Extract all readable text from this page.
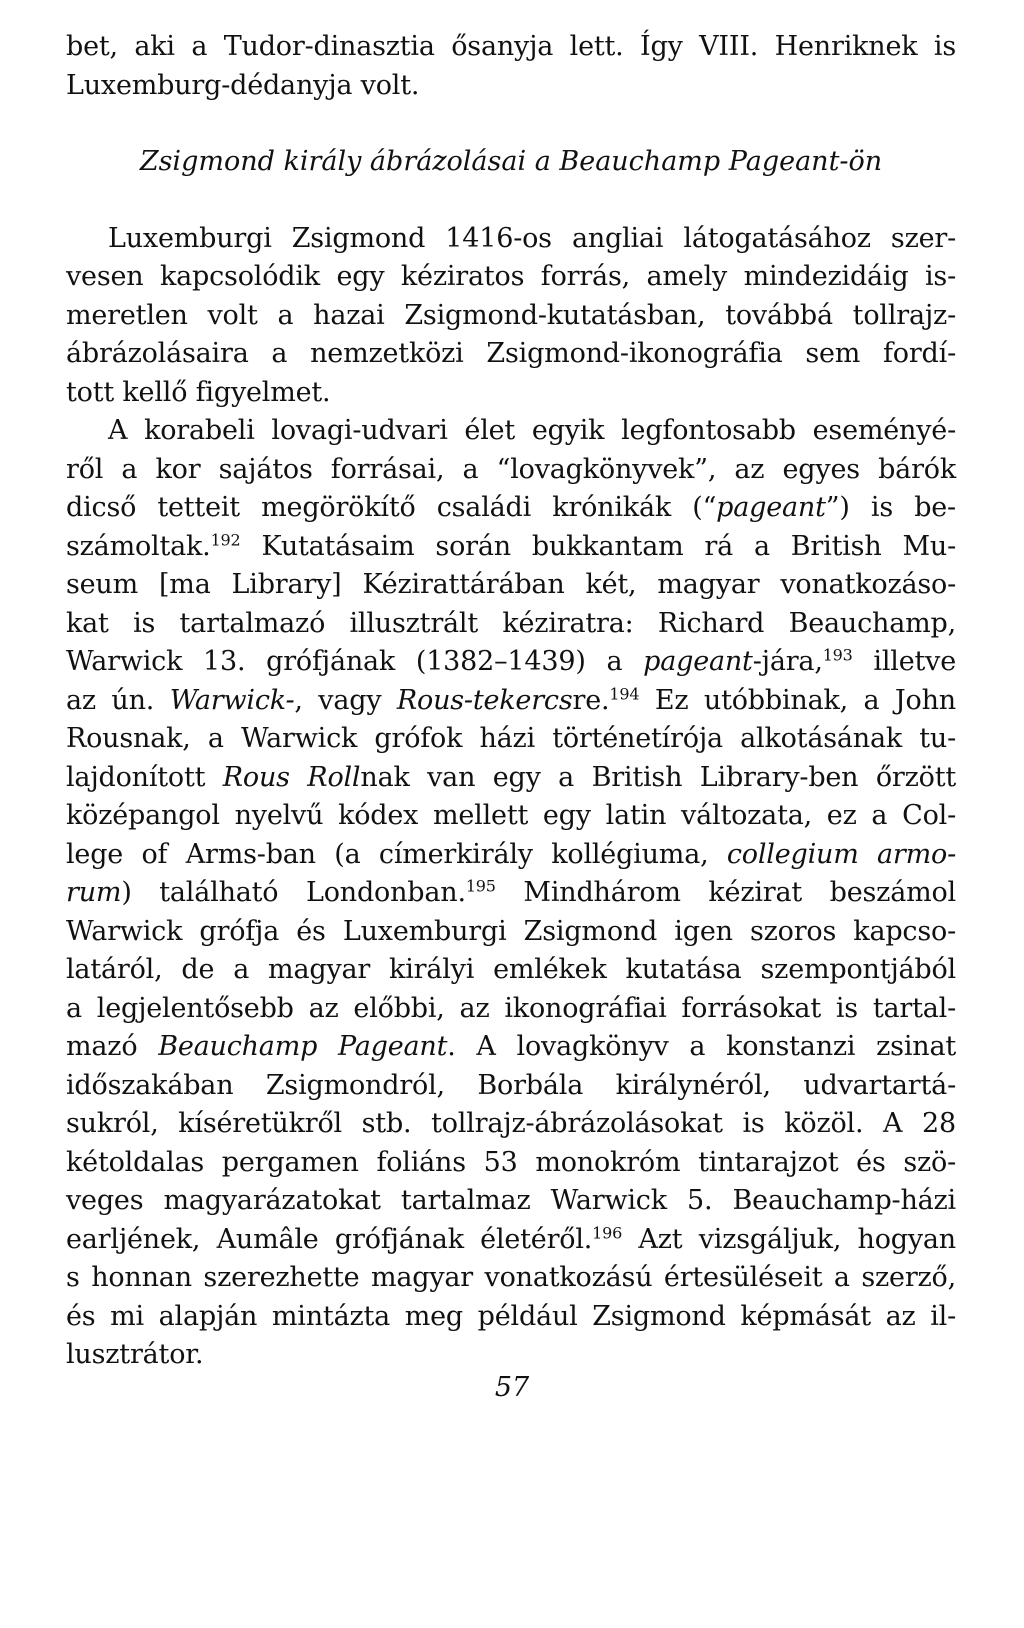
bet, aki a Tudor-dinasztia ősanyja lett. Így VIII. Henriknek is
Luxemburg-dédanyja volt.
Zsigmond király ábrázolásai a Beauchamp Pageant-ön
Luxemburgi Zsigmond 1416-os angliai látogatásához szer-
vesen kapcsolódik egy kéziratos forrás, amely mindezidáig is-
meretlen volt a hazai Zsigmond-kutatásban, továbbá tollrajz-
ábrázolásaira a nemzetközi Zsigmond-ikonográfia sem fordí-
tott kellő figyelmet.
A korabeli lovagi-udvari élet egyik legfontosabb eseményé-
ről a kor sajátos forrásai, a “lovagkönyvek”, az egyes bárók
dicső tetteit megörökítő családi krónikák (“pageant”) is be-
számoltak.$^{192}$ Kutatásaim során bukkantam rá a British Mu-
seum [ma Library] Kézirattárában két, magyar vonatkozáso-
kat is tartalmazó illusztrált kéziratra: Richard Beauchamp,
Warwick 13. grófjának (1382–1439) a pageant-jára,$^{193}$ illetve
az ún. Warwick-, vagy Rous-tekercsre.$^{194}$ Ez utóbbinak, a John
Rousnak, a Warwick grófok házi történetírója alkotásának tu-
lajdonított Rous Rollnak van egy a British Library-ben őrzött
középangol nyelvű kódex mellett egy latin változata, ez a Col-
lege of Arms-ban (a címerkirály kollégiuma, collegium armo-
rum) található Londonban.$^{195}$ Mindhárom kézirat beszámol
Warwick grófja és Luxemburgi Zsigmond igen szoros kapcso-
latáról, de a magyar királyi emlékek kutatása szempontjából
a legjelentősebb az előbbi, az ikonográfiai forrásokat is tartal-
mazó Beauchamp Pageant. A lovagkönyv a konstanzi zsinat
időszakában Zsigmondról, Borbála királynéról, udvartartá-
sukról, kíséretükről stb. tollrajz-ábrázolásokat is közöl. A 28
kétoldalas pergamen foliáns 53 monokróm tintarajzot és szö-
veges magyarázatokat tartalmaz Warwick 5. Beauchamp-házi
earljének, Aumâle grófjának életéről.$^{196}$ Azt vizsgáljuk, hogyan
s honnan szerezhette magyar vonatkozású értesüléseit a szerző,
és mi alapján mintázta meg például Zsigmond képmását az il-
lusztrátor.
57
